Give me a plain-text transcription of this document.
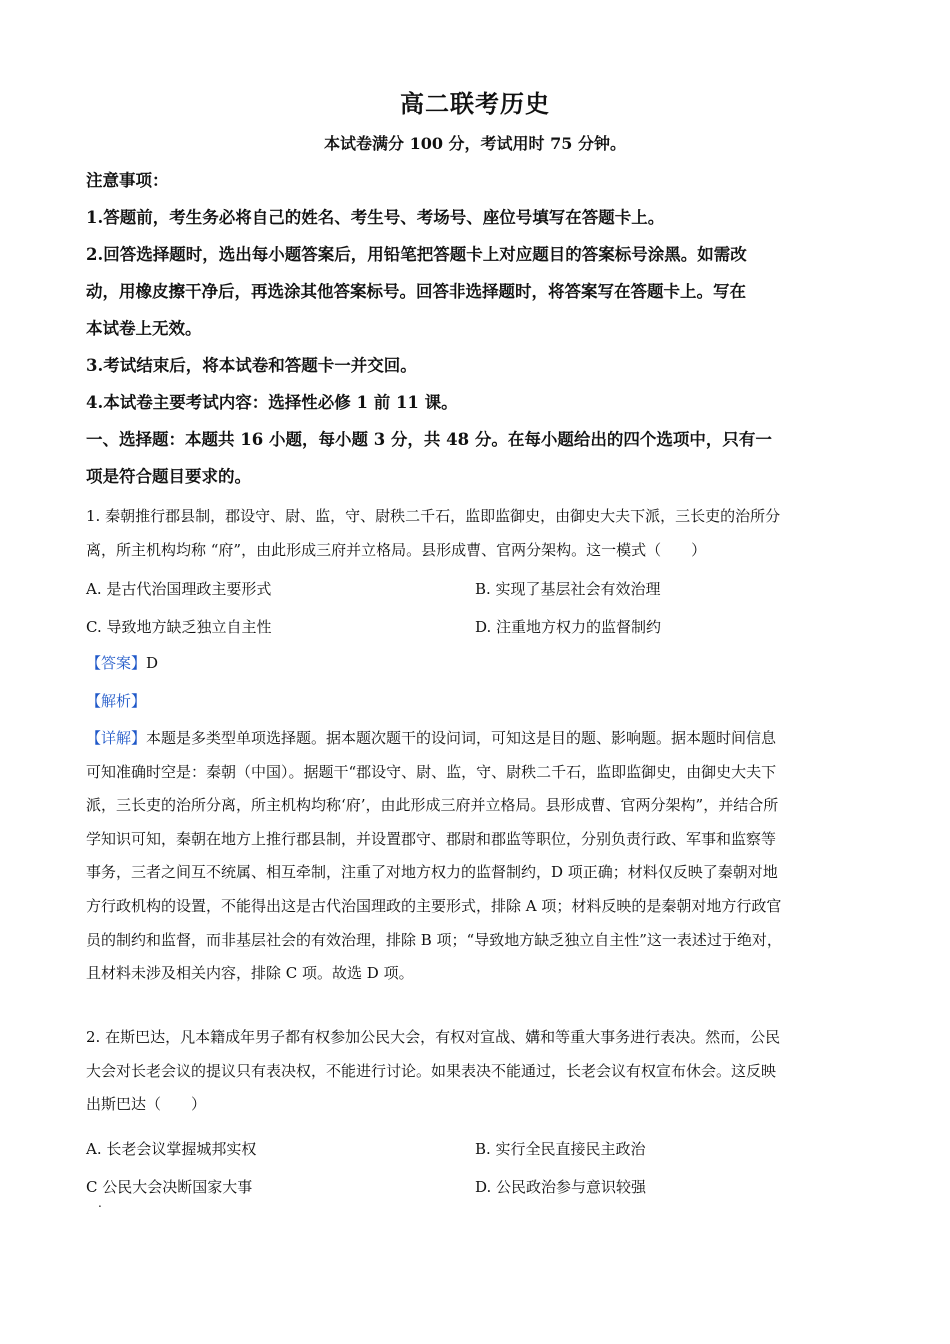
高二联考历史
本试卷满分 100 分，考试用时 75 分钟。
注意事项：
1.答题前，考生务必将自己的姓名、考生号、考场号、座位号填写在答题卡上。
2.回答选择题时，选出每小题答案后，用铅笔把答题卡上对应题目的答案标号涂黑。如需改
动，用橡皮擦干净后，再选涂其他答案标号。回答非选择题时，将答案写在答题卡上。写在
本试卷上无效。
3.考试结束后，将本试卷和答题卡一并交回。
4.本试卷主要考试内容：选择性必修 1 前 11 课。
一、选择题：本题共 16 小题，每小题 3 分，共 48 分。在每小题给出的四个选项中，只有一
项是符合题目要求的。
1. 秦朝推行郡县制，郡设守、尉、监，守、尉秩二千石，监即监御史，由御史大夫下派，三长吏的治所分
离，所主机构均称 “府”，由此形成三府并立格局。县形成曹、官两分架构。这一模式（　　）
A. 是古代治国理政主要形式	B. 实现了基层社会有效治理
C. 导致地方缺乏独立自主性	D. 注重地方权力的监督制约
【答案】D
【解析】
【详解】本题是多类型单项选择题。据本题次题干的设问词，可知这是目的题、影响题。据本题时间信息
可知准确时空是：秦朝（中国）。据题干“郡设守、尉、监，守、尉秩二千石，监即监御史，由御史大夫下
派，三长吏的治所分离，所主机构均称‘府’，由此形成三府并立格局。县形成曹、官两分架构”，并结合所
学知识可知，秦朝在地方上推行郡县制，并设置郡守、郡尉和郡监等职位，分别负责行政、军事和监察等
事务，三者之间互不统属、相互牵制，注重了对地方权力的监督制约，D 项正确；材料仅反映了秦朝对地
方行政机构的设置，不能得出这是古代治国理政的主要形式，排除 A 项；材料反映的是秦朝对地方行政官
员的制约和监督，而非基层社会的有效治理，排除 B 项；“导致地方缺乏独立自主性”这一表述过于绝对，
且材料未涉及相关内容，排除 C 项。故选 D 项。
2. 在斯巴达，凡本籍成年男子都有权参加公民大会，有权对宣战、媾和等重大事务进行表决。然而，公民
大会对长老会议的提议只有表决权，不能进行讨论。如果表决不能通过，长老会议有权宣布休会。这反映
出斯巴达（　　）
A. 长老会议掌握城邦实权	B. 实行全民直接民主政治
C 公民大会决断国家大事	D. 公民政治参与意识较强
.
